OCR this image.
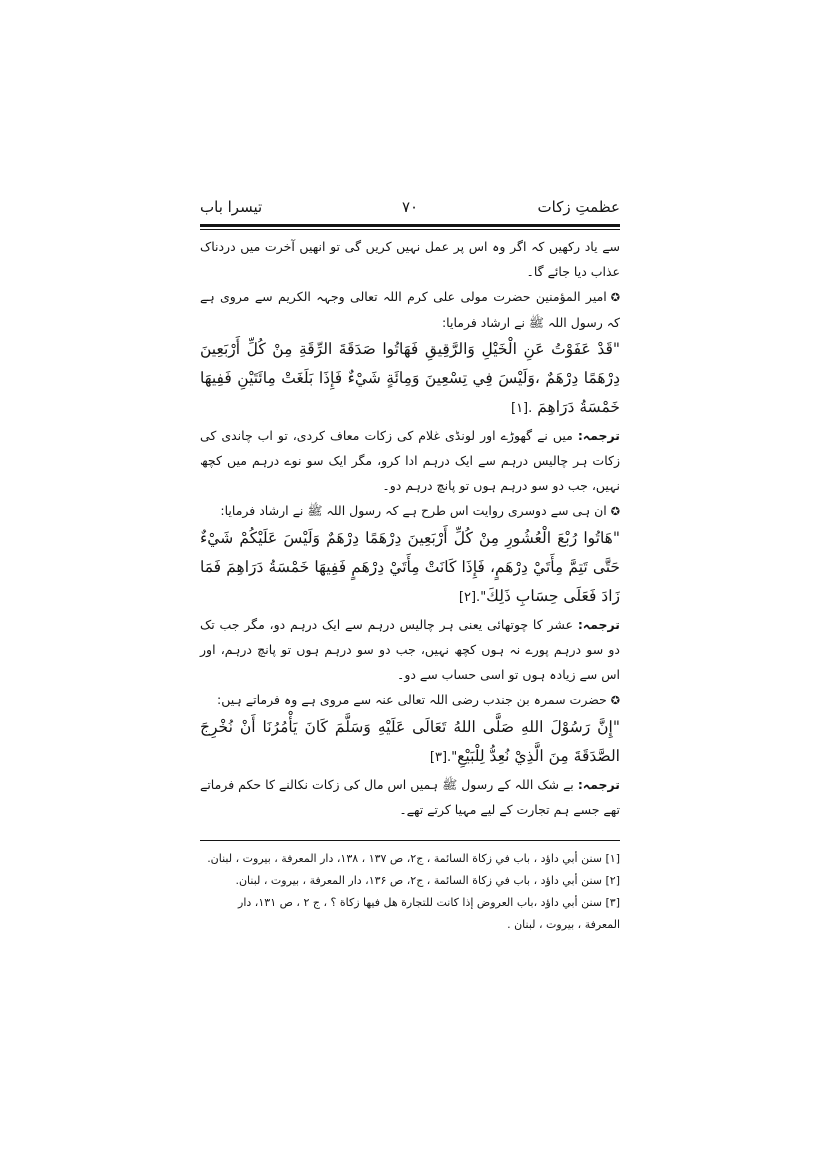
عظمتِ زکات
۷۰
تیسرا باب

سے یاد رکھیں کہ اگر وہ اس پر عمل نہیں کریں گی تو انھیں آخرت میں دردناک عذاب دیا جائے گا۔

✪امیر المؤمنین حضرت مولی علی کرم اللہ تعالی وجہہ الکریم سے مروی ہے کہ رسول اللہ ﷺ نے ارشاد فرمایا:

"قَدْ عَفَوْتُ عَنِ الْخَيْلِ وَالرَّقِيقِ فَهَاتُوا صَدَقَةَ الرِّقَةِ مِنْ كُلِّ أَرْبَعِينَ دِرْهَمًا دِرْهَمٌ ،وَلَيْسَ فِي تِسْعِينَ وَمِائَةٍ شَيْءٌ فَإِذَا بَلَغَتْ مِائَتَيْنِ فَفِيهَا خَمْسَةُ دَرَاهِمَ .[۱]

ترجمہ: میں نے گھوڑے اور لونڈی غلام کی زکات معاف کردی، تو اب چاندی کی زکات ہر چالیس درہم سے ایک درہم ادا کرو، مگر ایک سو نوے درہم میں کچھ نہیں، جب دو سو درہم ہوں تو پانچ درہم دو۔

✪ان ہی سے دوسری روایت اس طرح ہے کہ رسول اللہ ﷺ نے ارشاد فرمایا:

"هَاتُوا رُبْعَ الْعُشُورِ مِنْ كُلِّ أَرْبَعِينَ دِرْهَمًا دِرْهَمٌ وَلَيْسَ عَلَيْكُمْ شَيْءٌ حَتَّى تَتِمَّ مِأَتَيْ دِرْهَمٍ، فَإِذَا كَانَتْ مِأَتَيْ دِرْهَمٍ فَفِيهَا خَمْسَةُ دَرَاهِمَ فَمَا زَادَ فَعَلَى حِسَابِ ذَلِكَ".[۲]

ترجمہ: عشر کا چوتھائی یعنی ہر چالیس درہم سے ایک درہم دو، مگر جب تک دو سو درہم پورے نہ ہوں کچھ نہیں، جب دو سو درہم ہوں تو پانچ درہم، اور اس سے زیادہ ہوں تو اسی حساب سے دو۔

✪حضرت سمرہ بن جندب رضی اللہ تعالی عنہ سے مروی ہے وہ فرماتے ہیں:

"إِنَّ رَسُوْلَ اللهِ صَلَّى اللهُ تَعَالَى عَلَيْهِ وَسَلَّمَ كَانَ يَأْمُرُنَا أَنْ نُخْرِجَ الصَّدَقَةَ مِنَ الَّذِيْ نُعِدُّ لِلْبَيْعِ".[۳]

ترجمہ: بے شک اللہ کے رسول ﷺ ہمیں اس مال کی زکات نکالنے کا حکم فرماتے تھے جسے ہم تجارت کے لیے مہیا کرتے تھے۔

[۱] سنن أبي داؤد ، باب في زكاة السائمة ، ج۲، ص ۱۳۷ ، ۱۳۸، دار المعرفة ، بيروت ، لبنان.

[۲] سنن أبي داؤد ، باب في زكاة السائمة ، ج۲، ص ۱۳۶، دار المعرفة ، بيروت ، لبنان.

[۳] سنن أبي داؤد ،باب العروض إذا كانت للتجارة هل فيها زكاة ؟ ، ج ۲ ، ص ۱۳۱، دار المعرفة ، بيروت ، لبنان .
